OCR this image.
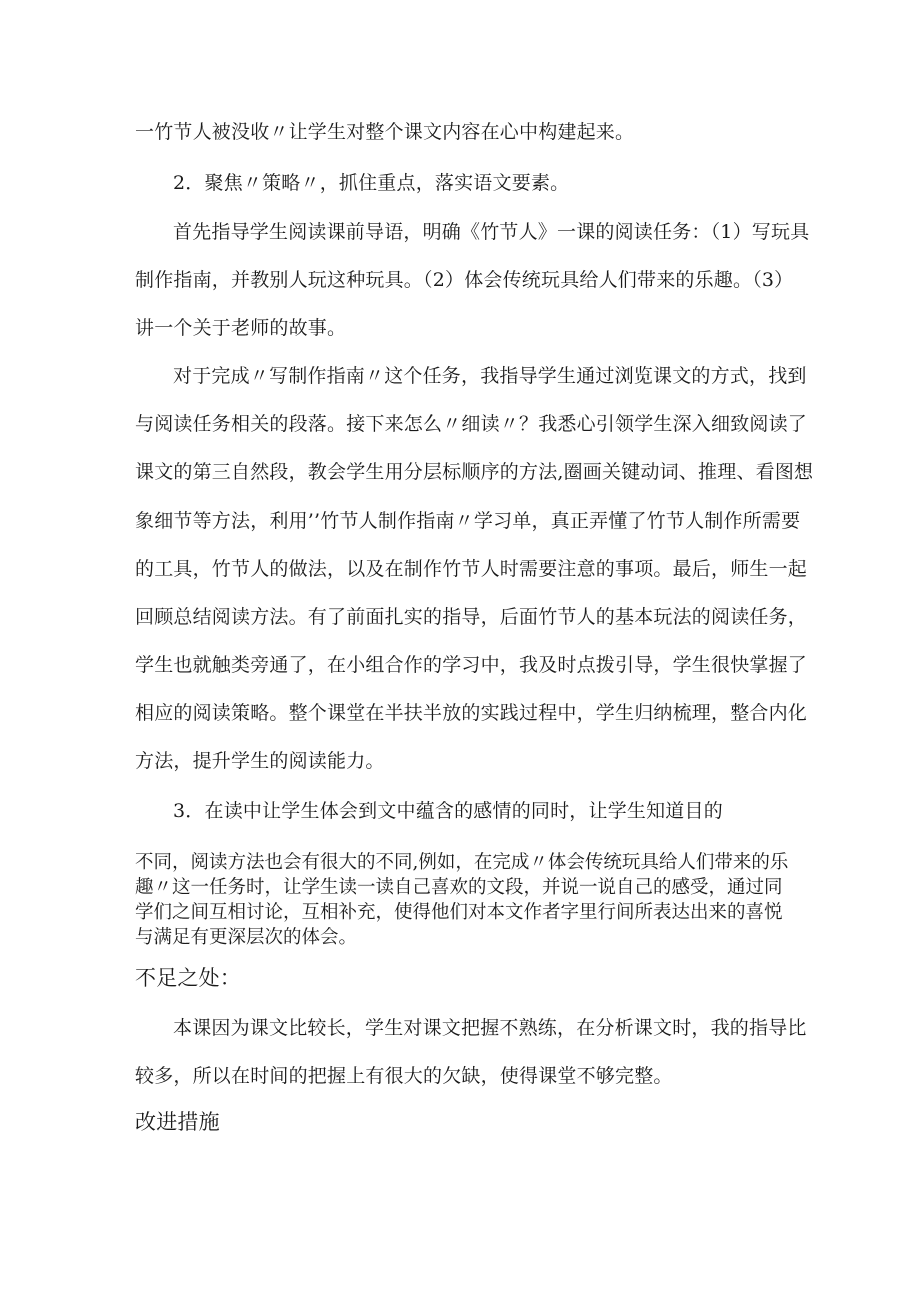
一竹节人被没收〃让学生对整个课文内容在心中构建起来。

2．聚焦〃策略〃，抓住重点，落实语文要素。

首先指导学生阅读课前导语，明确《竹节人》一课的阅读任务：（1）写玩具

制作指南，并教别人玩这种玩具。（2）体会传统玩具给人们带来的乐趣。（3）

讲一个关于老师的故事。

对于完成〃写制作指南〃这个任务，我指导学生通过浏览课文的方式，找到

与阅读任务相关的段落。接下来怎么〃细读〃？我悉心引领学生深入细致阅读了

课文的第三自然段，教会学生用分层标顺序的方法,圈画关键动词、推理、看图想

象细节等方法，利用’’竹节人制作指南〃学习单，真正弄懂了竹节人制作所需要

的工具，竹节人的做法，以及在制作竹节人时需要注意的事项。最后，师生一起

回顾总结阅读方法。有了前面扎实的指导，后面竹节人的基本玩法的阅读任务，

学生也就触类旁通了，在小组合作的学习中，我及时点拨引导，学生很快掌握了

相应的阅读策略。整个课堂在半扶半放的实践过程中，学生归纳梳理，整合内化

方法，提升学生的阅读能力。

3．在读中让学生体会到文中蕴含的感情的同时，让学生知道目的

不同，阅读方法也会有很大的不同,例如，在完成〃体会传统玩具给人们带来的乐

趣〃这一任务时，让学生读一读自己喜欢的文段，并说一说自己的感受，通过同

学们之间互相讨论，互相补充，使得他们对本文作者字里行间所表达出来的喜悦

与满足有更深层次的体会。

不足之处：

本课因为课文比较长，学生对课文把握不熟练，在分析课文时，我的指导比

较多，所以在时间的把握上有很大的欠缺，使得课堂不够完整。

改进措施
